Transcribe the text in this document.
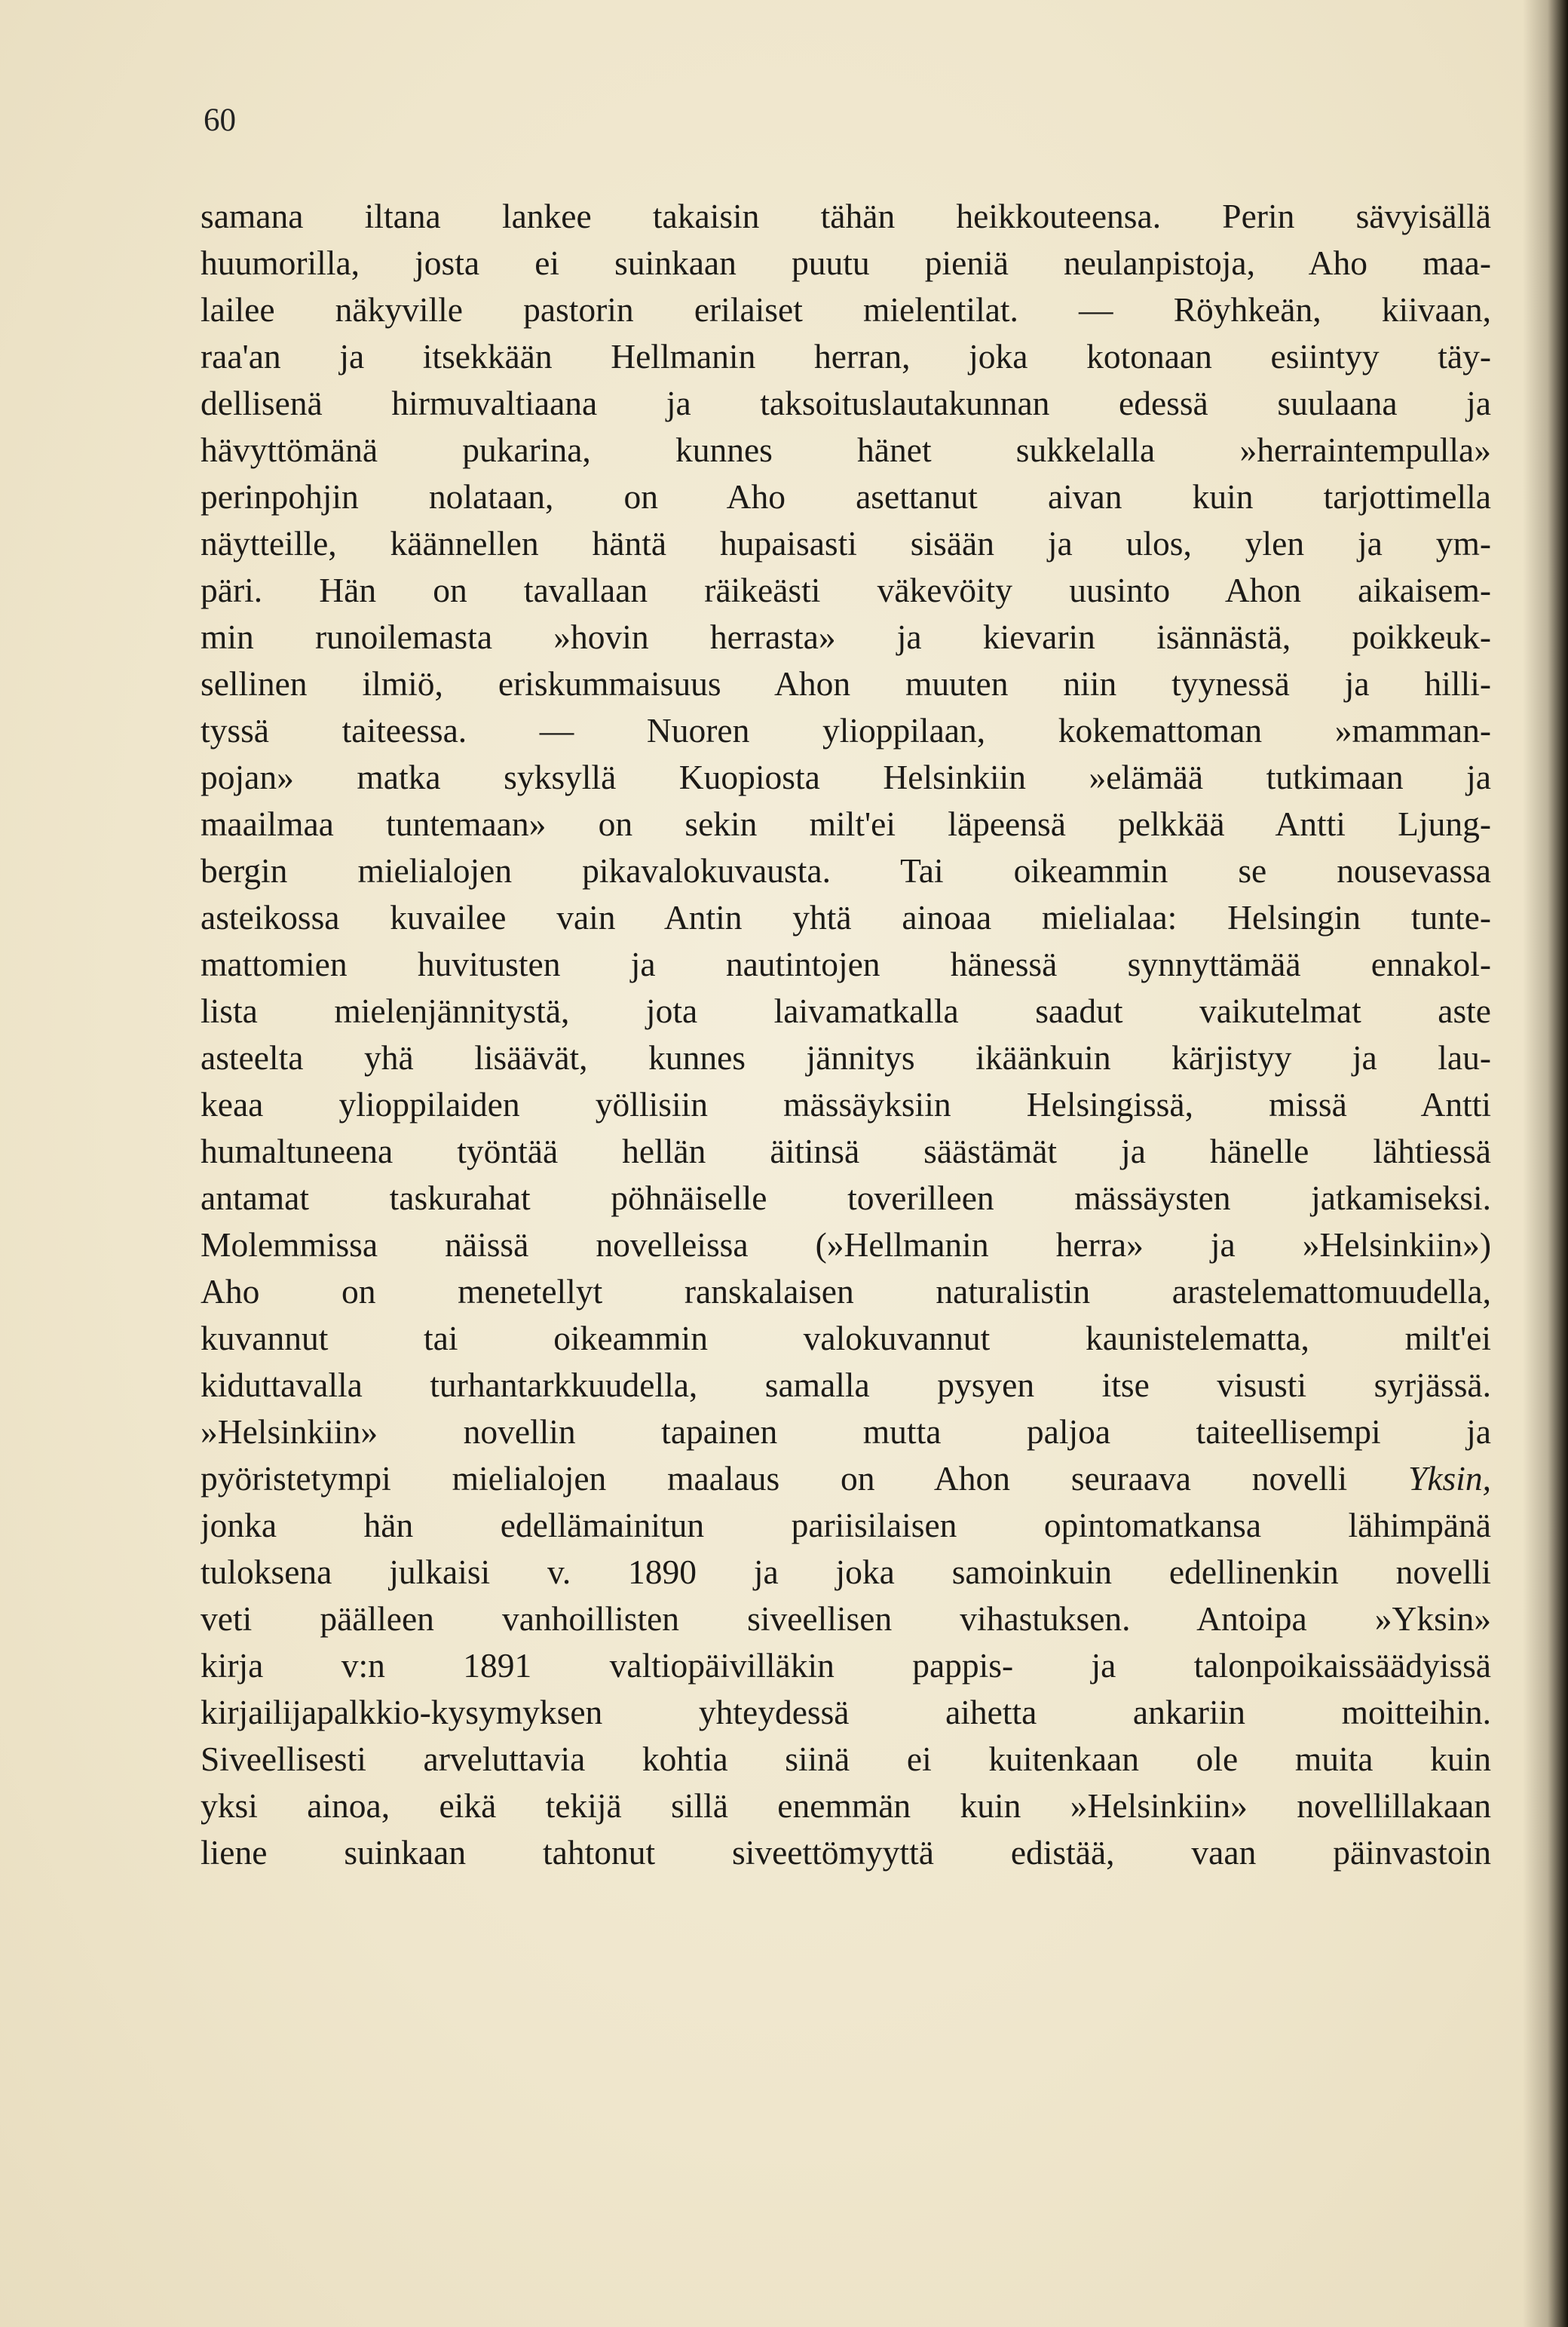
60
samana iltana lankee takaisin tähän heikkouteensa. Perin sävyisällä
huumorilla, josta ei suinkaan puutu pieniä neulanpistoja, Aho maa-
lailee näkyville pastorin erilaiset mielentilat. — Röyhkeän, kiivaan,
raa'an ja itsekkään Hellmanin herran, joka kotonaan esiintyy täy-
dellisenä hirmuvaltiaana ja taksoituslautakunnan edessä suulaana ja
hävyttömänä pukarina, kunnes hänet sukkelalla »herraintempulla»
perinpohjin nolataan, on Aho asettanut aivan kuin tarjottimella
näytteille, käännellen häntä hupaisasti sisään ja ulos, ylen ja ym-
päri. Hän on tavallaan räikeästi väkevöity uusinto Ahon aikaisem-
min runoilemasta »hovin herrasta» ja kievarin isännästä, poikkeuk-
sellinen ilmiö, eriskummaisuus Ahon muuten niin tyynessä ja hilli-
tyssä taiteessa. — Nuoren ylioppilaan, kokemattoman »mamman-
pojan» matka syksyllä Kuopiosta Helsinkiin »elämää tutkimaan ja
maailmaa tuntemaan» on sekin milt'ei läpeensä pelkkää Antti Ljung-
bergin mielialojen pikavalokuvausta. Tai oikeammin se nousevassa
asteikossa kuvailee vain Antin yhtä ainoaa mielialaa: Helsingin tunte-
mattomien huvitusten ja nautintojen hänessä synnyttämää ennakol-
lista mielenjännitystä, jota laivamatkalla saadut vaikutelmat aste
asteelta yhä lisäävät, kunnes jännitys ikäänkuin kärjistyy ja lau-
keaa ylioppilaiden yöllisiin mässäyksiin Helsingissä, missä Antti
humaltuneena työntää hellän äitinsä säästämät ja hänelle lähtiessä
antamat taskurahat pöhnäiselle toverilleen mässäysten jatkamiseksi.
Molemmissa näissä novelleissa (»Hellmanin herra» ja »Helsinkiin»)
Aho on menetellyt ranskalaisen naturalistin arastelemattomuudella,
kuvannut tai oikeammin valokuvannut kaunistelematta, milt'ei
kiduttavalla turhantarkkuudella, samalla pysyen itse visusti syrjässä.
»Helsinkiin» novellin tapainen mutta paljoa taiteellisempi ja
pyöristetympi mielialojen maalaus on Ahon seuraava novelli Yksin,
jonka hän edellämainitun pariisilaisen opintomatkansa lähimpänä
tuloksena julkaisi v. 1890 ja joka samoinkuin edellinenkin novelli
veti päälleen vanhoillisten siveellisen vihastuksen. Antoipa »Yksin»
kirja v:n 1891 valtiopäivilläkin pappis- ja talonpoikaissäädyissä
kirjailijapalkkio-kysymyksen yhteydessä aihetta ankariin moitteihin.
Siveellisesti arveluttavia kohtia siinä ei kuitenkaan ole muita kuin
yksi ainoa, eikä tekijä sillä enemmän kuin »Helsinkiin» novellillakaan
liene suinkaan tahtonut siveettömyyttä edistää, vaan päinvastoin
